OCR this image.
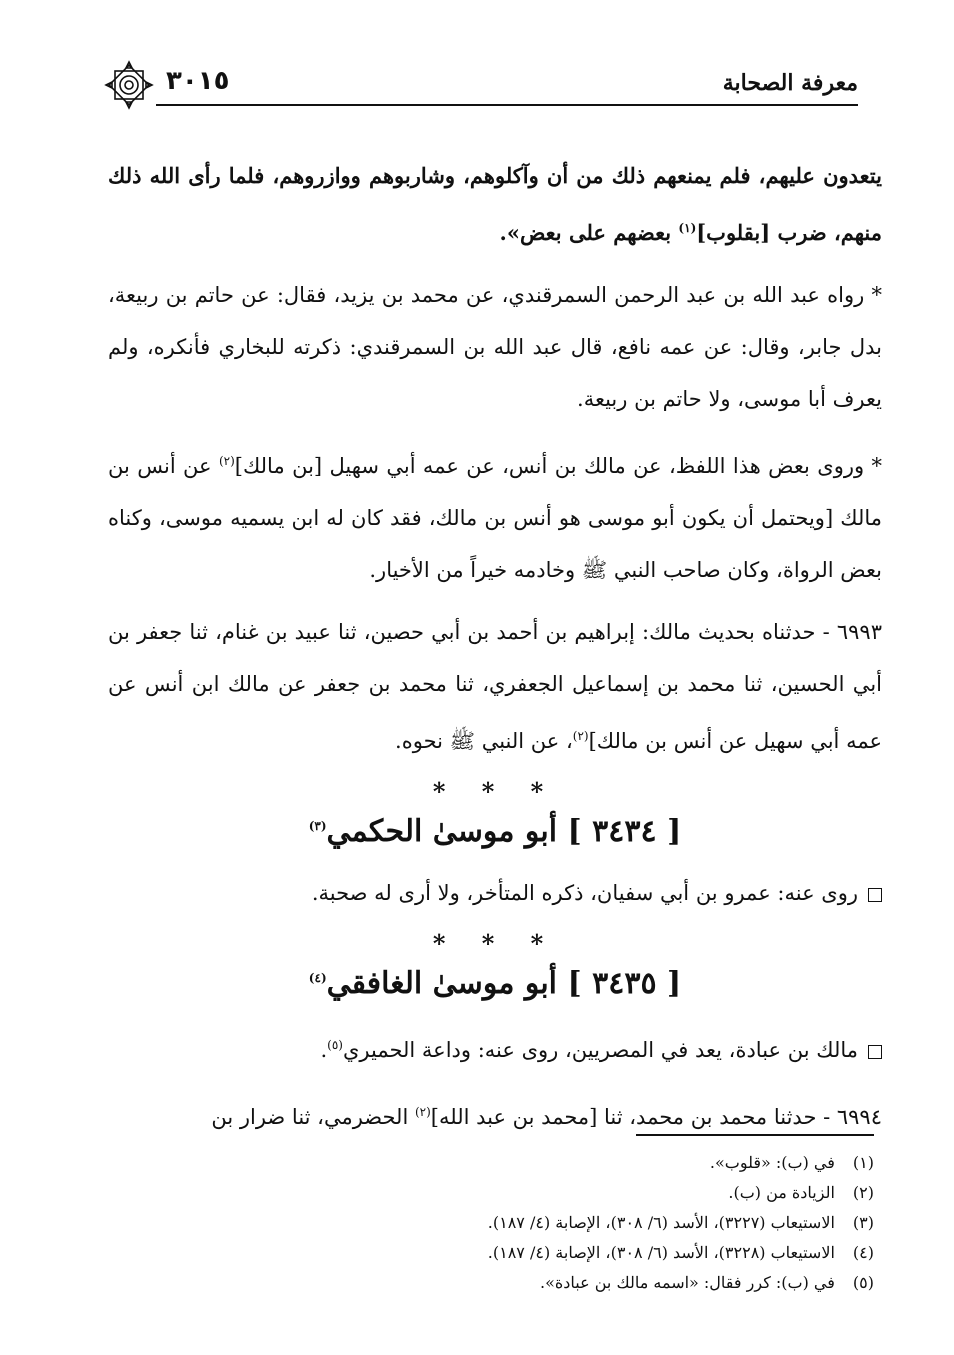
٣٠١٥	معرفة الصحابة

يتعدون عليهم، فلم يمنعهم ذلك من أن وآكلوهم، وشاربوهم ووازروهم، فلما رأى الله ذلك منهم، ضرب [بقلوب]$^{(١)}$ بعضهم على بعض».

* رواه عبد الله بن عبد الرحمن السمرقندي، عن محمد بن يزيد، فقال: عن حاتم بن ربيعة، بدل جابر، وقال: عن عمه نافع، قال عبد الله بن السمرقندي: ذكرته للبخاري فأنكره، ولم يعرف أبا موسى، ولا حاتم بن ربيعة.

* وروى بعض هذا اللفظ، عن مالك بن أنس، عن عمه أبي سهيل [بن مالك]$^{(٢)}$ عن أنس بن مالك [ويحتمل أن يكون أبو موسى هو أنس بن مالك، فقد كان له ابن يسميه موسى، وكناه بعض الرواة، وكان صاحب النبي ﷺ وخادمه خيراً من الأخيار.

٦٩٩٣ - حدثناه بحديث مالك: إبراهيم بن أحمد بن أبي حصين، ثنا عبيد بن غنام، ثنا جعفر بن أبي الحسين، ثنا محمد بن إسماعيل الجعفري، ثنا محمد بن جعفر عن مالك ابن أنس عن عمه أبي سهيل عن أنس بن مالك]$^{(٢)}$، عن النبي ﷺ نحوه.

* * *
[ ٣٤٣٤ ] أبو موسىٰ الحكمي$^{(٣)}$

روى عنه: عمرو بن أبي سفيان، ذكره المتأخر، ولا أرى له صحبة.

* * *
[ ٣٤٣٥ ] أبو موسىٰ الغافقي$^{(٤)}$

مالك بن عبادة، يعد في المصريين، روى عنه: وداعة الحميري$^{(٥)}$.

٦٩٩٤ - حدثنا محمد بن محمد، ثنا [محمد بن عبد الله]$^{(٢)}$ الحضرمي، ثنا ضرار بن

(١) في (ب): «قلوب».
(٢) الزيادة من (ب).
(٣) الاستيعاب (٣٢٢٧)، الأسد (٦/ ٣٠٨)، الإصابة (٤/ ١٨٧).
(٤) الاستيعاب (٣٢٢٨)، الأسد (٦/ ٣٠٨)، الإصابة (٤/ ١٨٧).
(٥) في (ب): كرر فقال: «اسمه مالك بن عبادة».
